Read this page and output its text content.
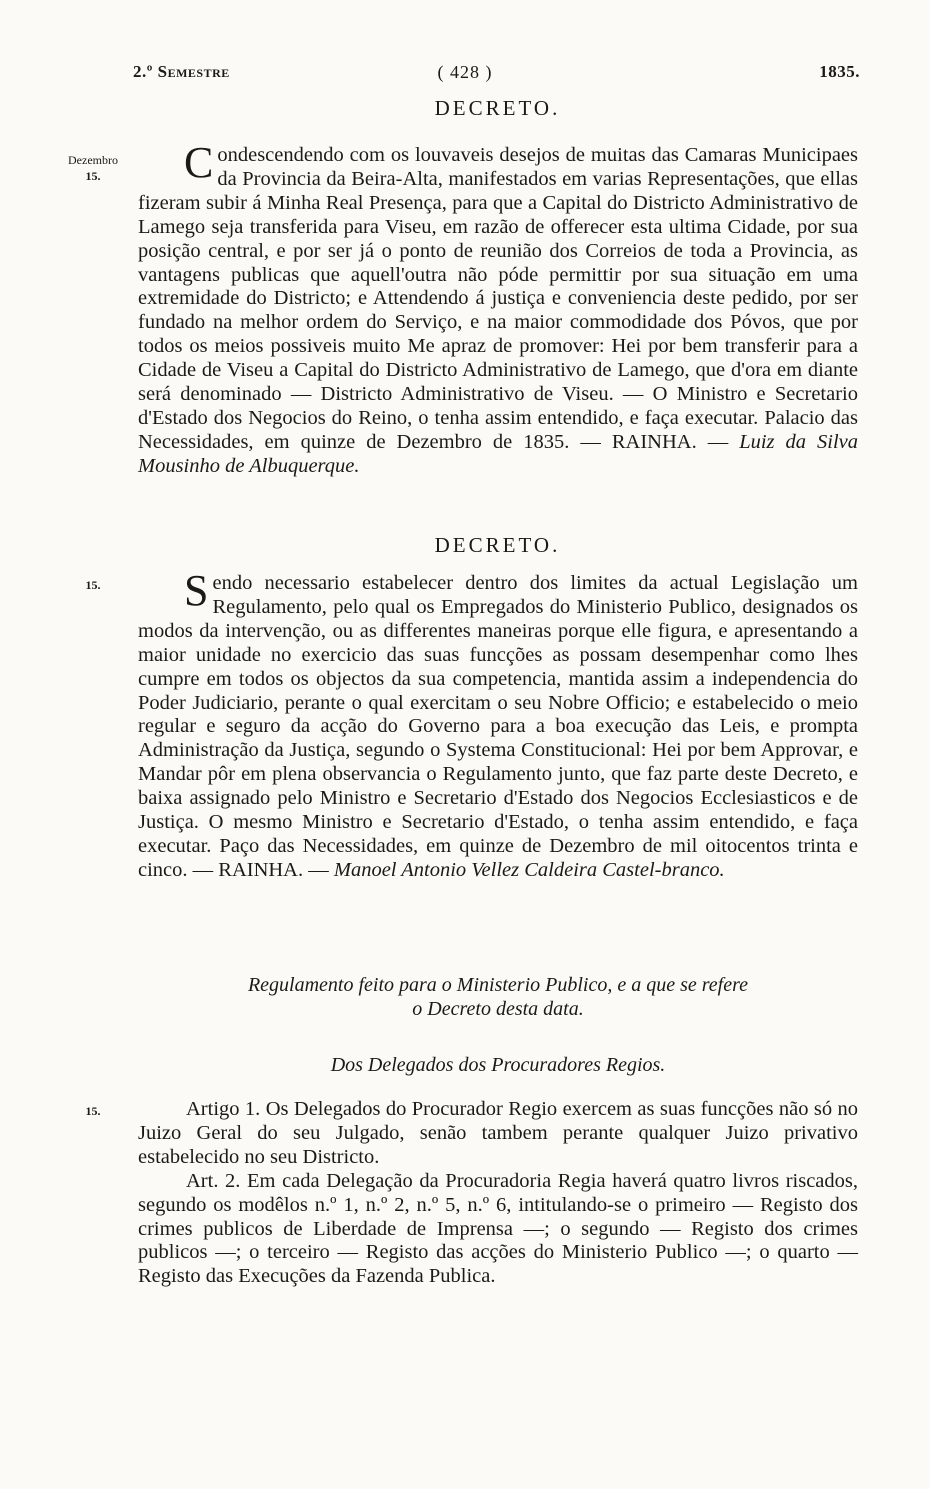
2.º Semestre	( 428 )	1835.
DECRETO.
Dezembro
15.	Condescendendo com os louvaveis desejos de muitas das Camaras Municipaes da Provincia da Beira-Alta, manifestados em varias Representações, que ellas fizeram subir á Minha Real Presença, para que a Capital do Districto Administrativo de Lamego seja transferida para Viseu, em razão de offerecer esta ultima Cidade, por sua posição central, e por ser já o ponto de reunião dos Correios de toda a Provincia, as vantagens publicas que aquell'outra não póde permittir por sua situação em uma extremidade do Districto; e Attendendo á justiça e conveniencia deste pedido, por ser fundado na melhor ordem do Serviço, e na maior commodidade dos Póvos, que por todos os meios possiveis muito Me apraz de promover: Hei por bem transferir para a Cidade de Viseu a Capital do Districto Administrativo de Lamego, que d'ora em diante será denominado — Districto Administrativo de Viseu. — O Ministro e Secretario d'Estado dos Negocios do Reino, o tenha assim entendido, e faça executar. Palacio das Necessidades, em quinze de Dezembro de 1835. — RAINHA. — Luiz da Silva Mousinho de Albuquerque.

DECRETO.
15.	Sendo necessario estabelecer dentro dos limites da actual Legislação um Regulamento, pelo qual os Empregados do Ministerio Publico, designados os modos da intervenção, ou as differentes maneiras porque elle figura, e apresentando a maior unidade no exercicio das suas funcções as possam desempenhar como lhes cumpre em todos os objectos da sua competencia, mantida assim a independencia do Poder Judiciario, perante o qual exercitam o seu Nobre Officio; e estabelecido o meio regular e seguro da acção do Governo para a boa execução das Leis, e prompta Administração da Justiça, segundo o Systema Constitucional: Hei por bem Approvar, e Mandar pôr em plena observancia o Regulamento junto, que faz parte deste Decreto, e baixa assignado pelo Ministro e Secretario d'Estado dos Negocios Ecclesiasticos e de Justiça. O mesmo Ministro e Secretario d'Estado, o tenha assim entendido, e faça executar. Paço das Necessidades, em quinze de Dezembro de mil oitocentos trinta e cinco. — RAINHA. — Manoel Antonio Vellez Caldeira Castel-branco.

Regulamento feito para o Ministerio Publico, e a que se refere
o Decreto desta data.
Dos Delegados dos Procuradores Regios.
15.	Artigo 1. Os Delegados do Procurador Regio exercem as suas funcções não só no Juizo Geral do seu Julgado, senão tambem perante qualquer Juizo privativo estabelecido no seu Districto.

Art. 2. Em cada Delegação da Procuradoria Regia haverá quatro livros riscados, segundo os modêlos n.º 1, n.º 2, n.º 5, n.º 6, intitulando-se o primeiro — Registo dos crimes publicos de Liberdade de Imprensa —; o segundo — Registo dos crimes publicos —; o terceiro — Registo das acções do Ministerio Publico —; o quarto — Registo das Execuções da Fazenda Publica.
